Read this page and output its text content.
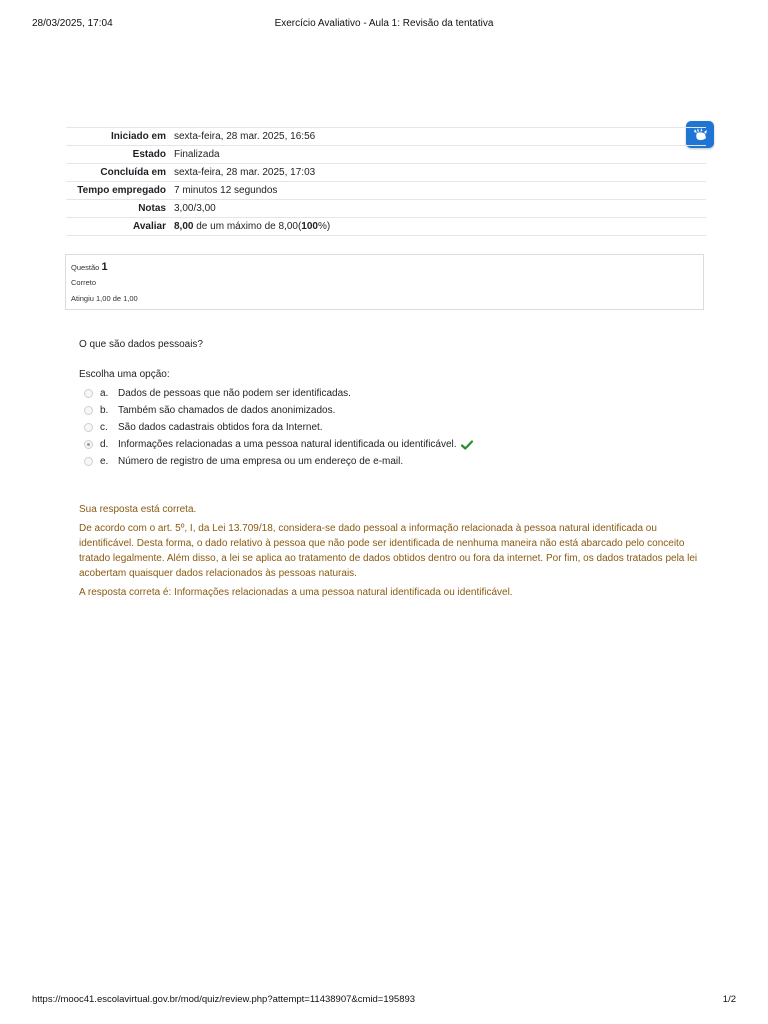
28/03/2025, 17:04	Exercício Avaliativo - Aula 1: Revisão da tentativa
Iniciado em	sexta-feira, 28 mar. 2025, 16:56
Estado	Finalizada
Concluída em	sexta-feira, 28 mar. 2025, 17:03
Tempo empregado	7 minutos 12 segundos
Notas	3,00/3,00
Avaliar	8,00 de um máximo de 8,00(100%)
Questão 1
Correto
Atingiu 1,00 de 1,00
O que são dados pessoais?
Escolha uma opção:
a. Dados de pessoas que não podem ser identificadas.
b. Também são chamados de dados anonimizados.
c.	São dados cadastrais obtidos fora da Internet.
d. Informações relacionadas a uma pessoa natural identificada ou identificável.
e. Número de registro de uma empresa ou um endereço de e-mail.

Sua resposta está correta.

De acordo com o art. 5º, I, da Lei 13.709/18, considera-se dado pessoal a informação relacionada à pessoa natural identificada ou identificável. Desta forma, o dado relativo à pessoa que não pode ser identificada de nenhuma maneira não está abarcado pelo conceito tratado legalmente. Além disso, a lei se aplica ao tratamento de dados obtidos dentro ou fora da internet. Por fim, os dados tratados pela lei acobertam quaisquer dados relacionados às pessoas naturais.

A resposta correta é: Informações relacionadas a uma pessoa natural identificada ou identificável.

https://mooc41.escolavirtual.gov.br/mod/quiz/review.php?attempt=11438907&cmid=195893	1/2
